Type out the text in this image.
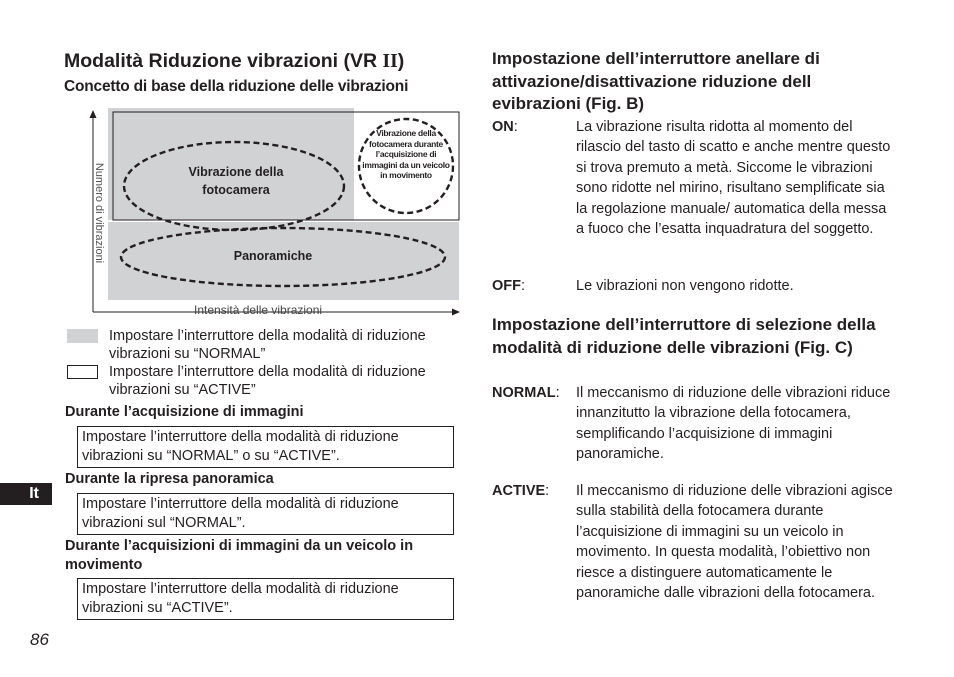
Modalità Riduzione vibrazioni (VR II)
Concetto di base della riduzione delle vibrazioni
Numero di vibrazioni
Intensità delle vibrazioni
Vibrazione della fotocamera
Vibrazione della fotocamera durante l’acquisizione di immagini da un veicolo in movimento
Panoramiche
Impostare l’interruttore della modalità di riduzione vibrazioni su “NORMAL”
Impostare l’interruttore della modalità di riduzione vibrazioni su “ACTIVE”
Durante l’acquisizione di immagini
Impostare l’interruttore della modalità di riduzione vibrazioni su “NORMAL” o su “ACTIVE”.
Durante la ripresa panoramica
Impostare l’interruttore della modalità di riduzione vibrazioni sul “NORMAL”.
Durante l’acquisizioni di immagini da un veicolo in movimento
Impostare l’interruttore della modalità di riduzione vibrazioni su “ACTIVE”.
It
86
Impostazione dell’interruttore anellare di attivazione/disattivazione riduzione dell evibrazioni (Fig. B)
ON:	La vibrazione risulta ridotta al momento del rilascio del tasto di scatto e anche mentre questo si trova premuto a metà. Siccome le vibrazioni sono ridotte nel mirino, risultano semplificate sia la regolazione manuale/ automatica della messa a fuoco che l’esatta inquadratura del soggetto.
OFF:	Le vibrazioni non vengono ridotte.
Impostazione dell’interruttore di selezione della modalità di riduzione delle vibrazioni (Fig. C)
NORMAL: Il meccanismo di riduzione delle vibrazioni riduce innanzitutto la vibrazione della fotocamera, semplificando l’acquisizione di immagini panoramiche.
ACTIVE: Il meccanismo di riduzione delle vibrazioni agisce sulla stabilità della fotocamera durante l’acquisizione di immagini su un veicolo in movimento. In questa modalità, l’obiettivo non riesce a distinguere automaticamente le panoramiche dalle vibrazioni della fotocamera.
